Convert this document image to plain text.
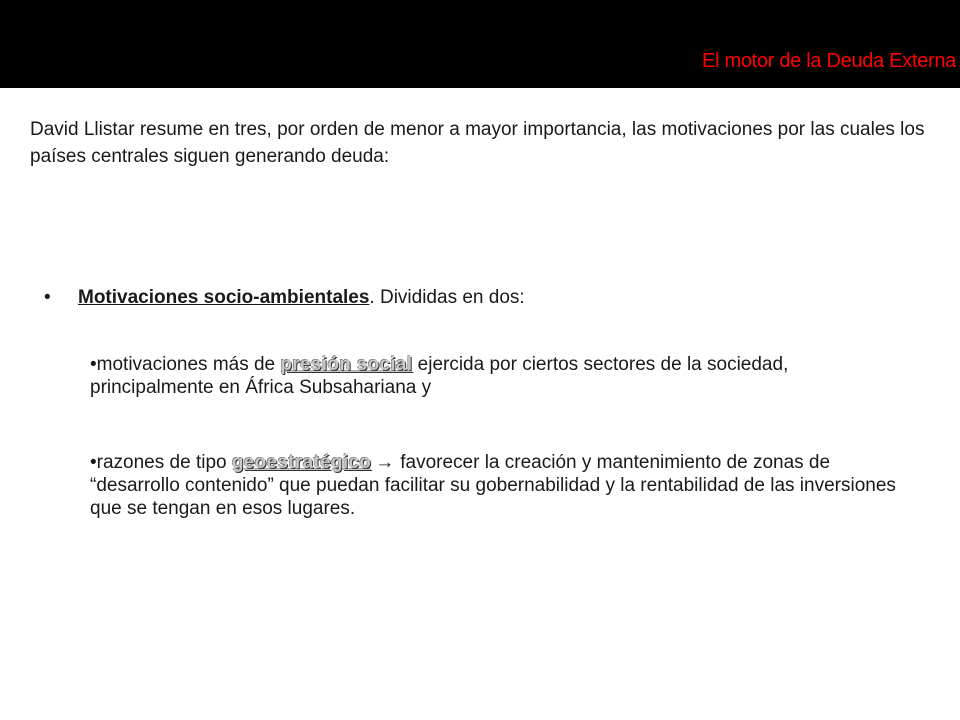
El motor de la Deuda Externa
David Llistar resume en tres, por orden de menor a mayor importancia, las motivaciones por las cuales los países centrales siguen generando deuda:
• Motivaciones socio-ambientales. Divididas en dos:
•motivaciones más de presión social ejercida por ciertos sectores de la sociedad, principalmente en África Subsahariana y
•razones de tipo geoestratégico → favorecer la creación y mantenimiento de zonas de “desarrollo contenido” que puedan facilitar su gobernabilidad y la rentabilidad de las inversiones que se tengan en esos lugares.
